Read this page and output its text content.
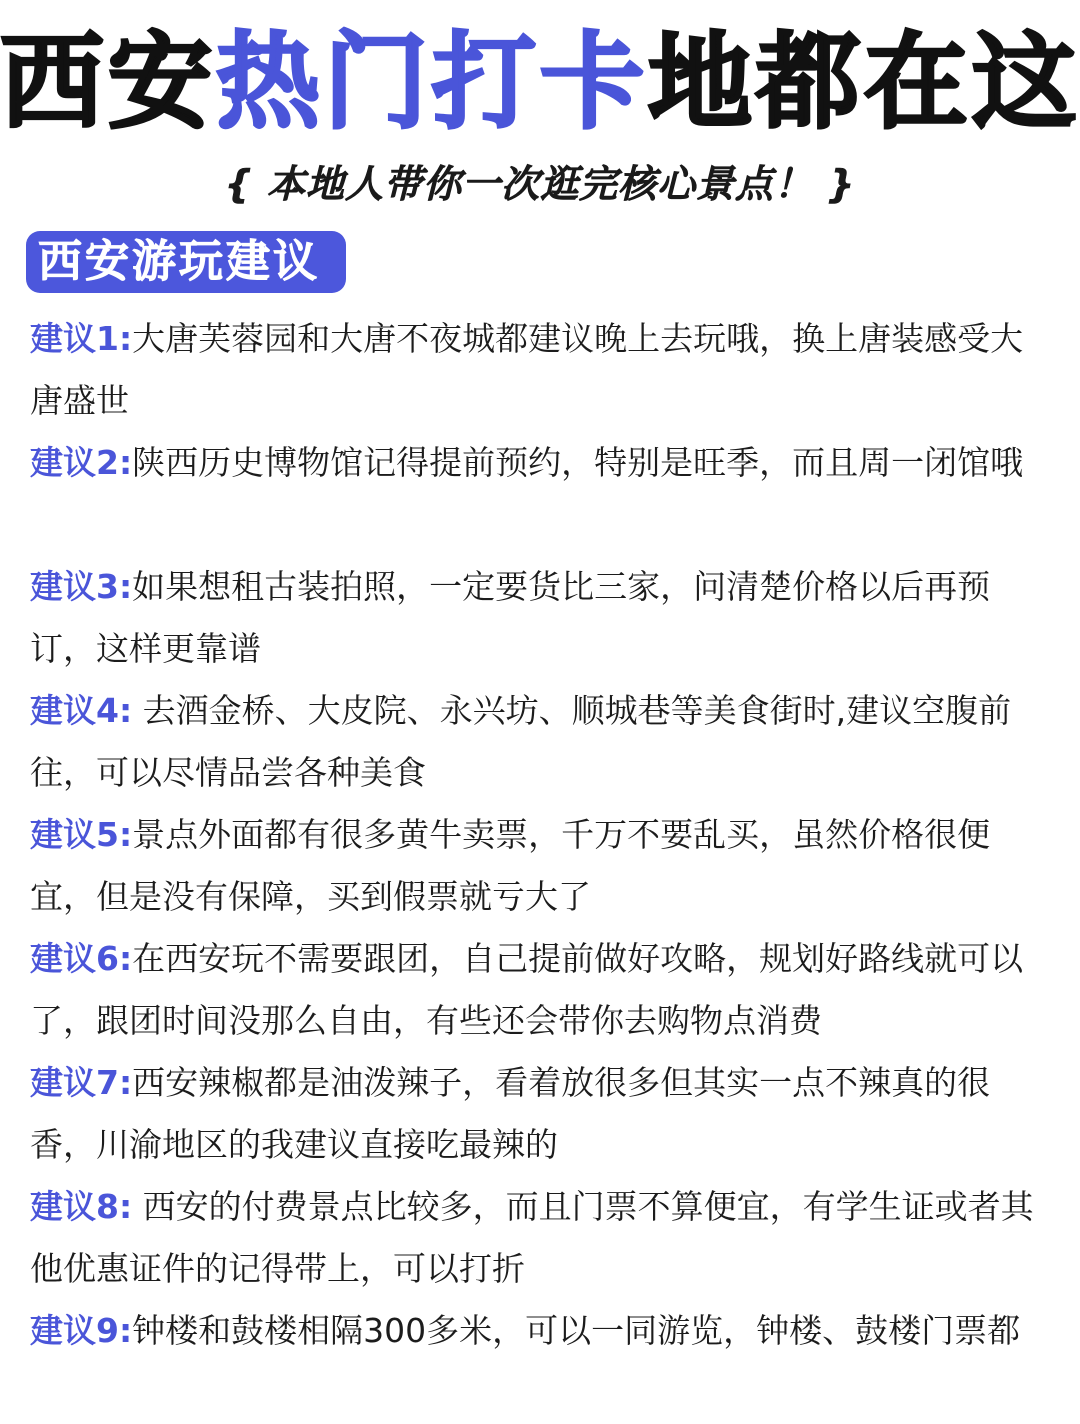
西安热门打卡地都在这
{ 本地人带你一次逛完核心景点！ }
西安游玩建议
建议1:大唐芙蓉园和大唐不夜城都建议晚上去玩哦，换上唐装感受大唐盛世
建议2:陕西历史博物馆记得提前预约，特别是旺季，而且周一闭馆哦
建议3:如果想租古装拍照，一定要货比三家，问清楚价格以后再预订，这样更靠谱
建议4: 去酒金桥、大皮院、永兴坊、顺城巷等美食街时,建议空腹前往，可以尽情品尝各种美食
建议5:景点外面都有很多黄牛卖票，千万不要乱买，虽然价格很便宜，但是没有保障，买到假票就亏大了
建议6:在西安玩不需要跟团，自己提前做好攻略，规划好路线就可以了，跟团时间没那么自由，有些还会带你去购物点消费
建议7:西安辣椒都是油泼辣子，看着放很多但其实一点不辣真的很香，川渝地区的我建议直接吃最辣的
建议8: 西安的付费景点比较多，而且门票不算便宜，有学生证或者其他优惠证件的记得带上，可以打折
建议9:钟楼和鼓楼相隔300多米，可以一同游览，钟楼、鼓楼门票都
